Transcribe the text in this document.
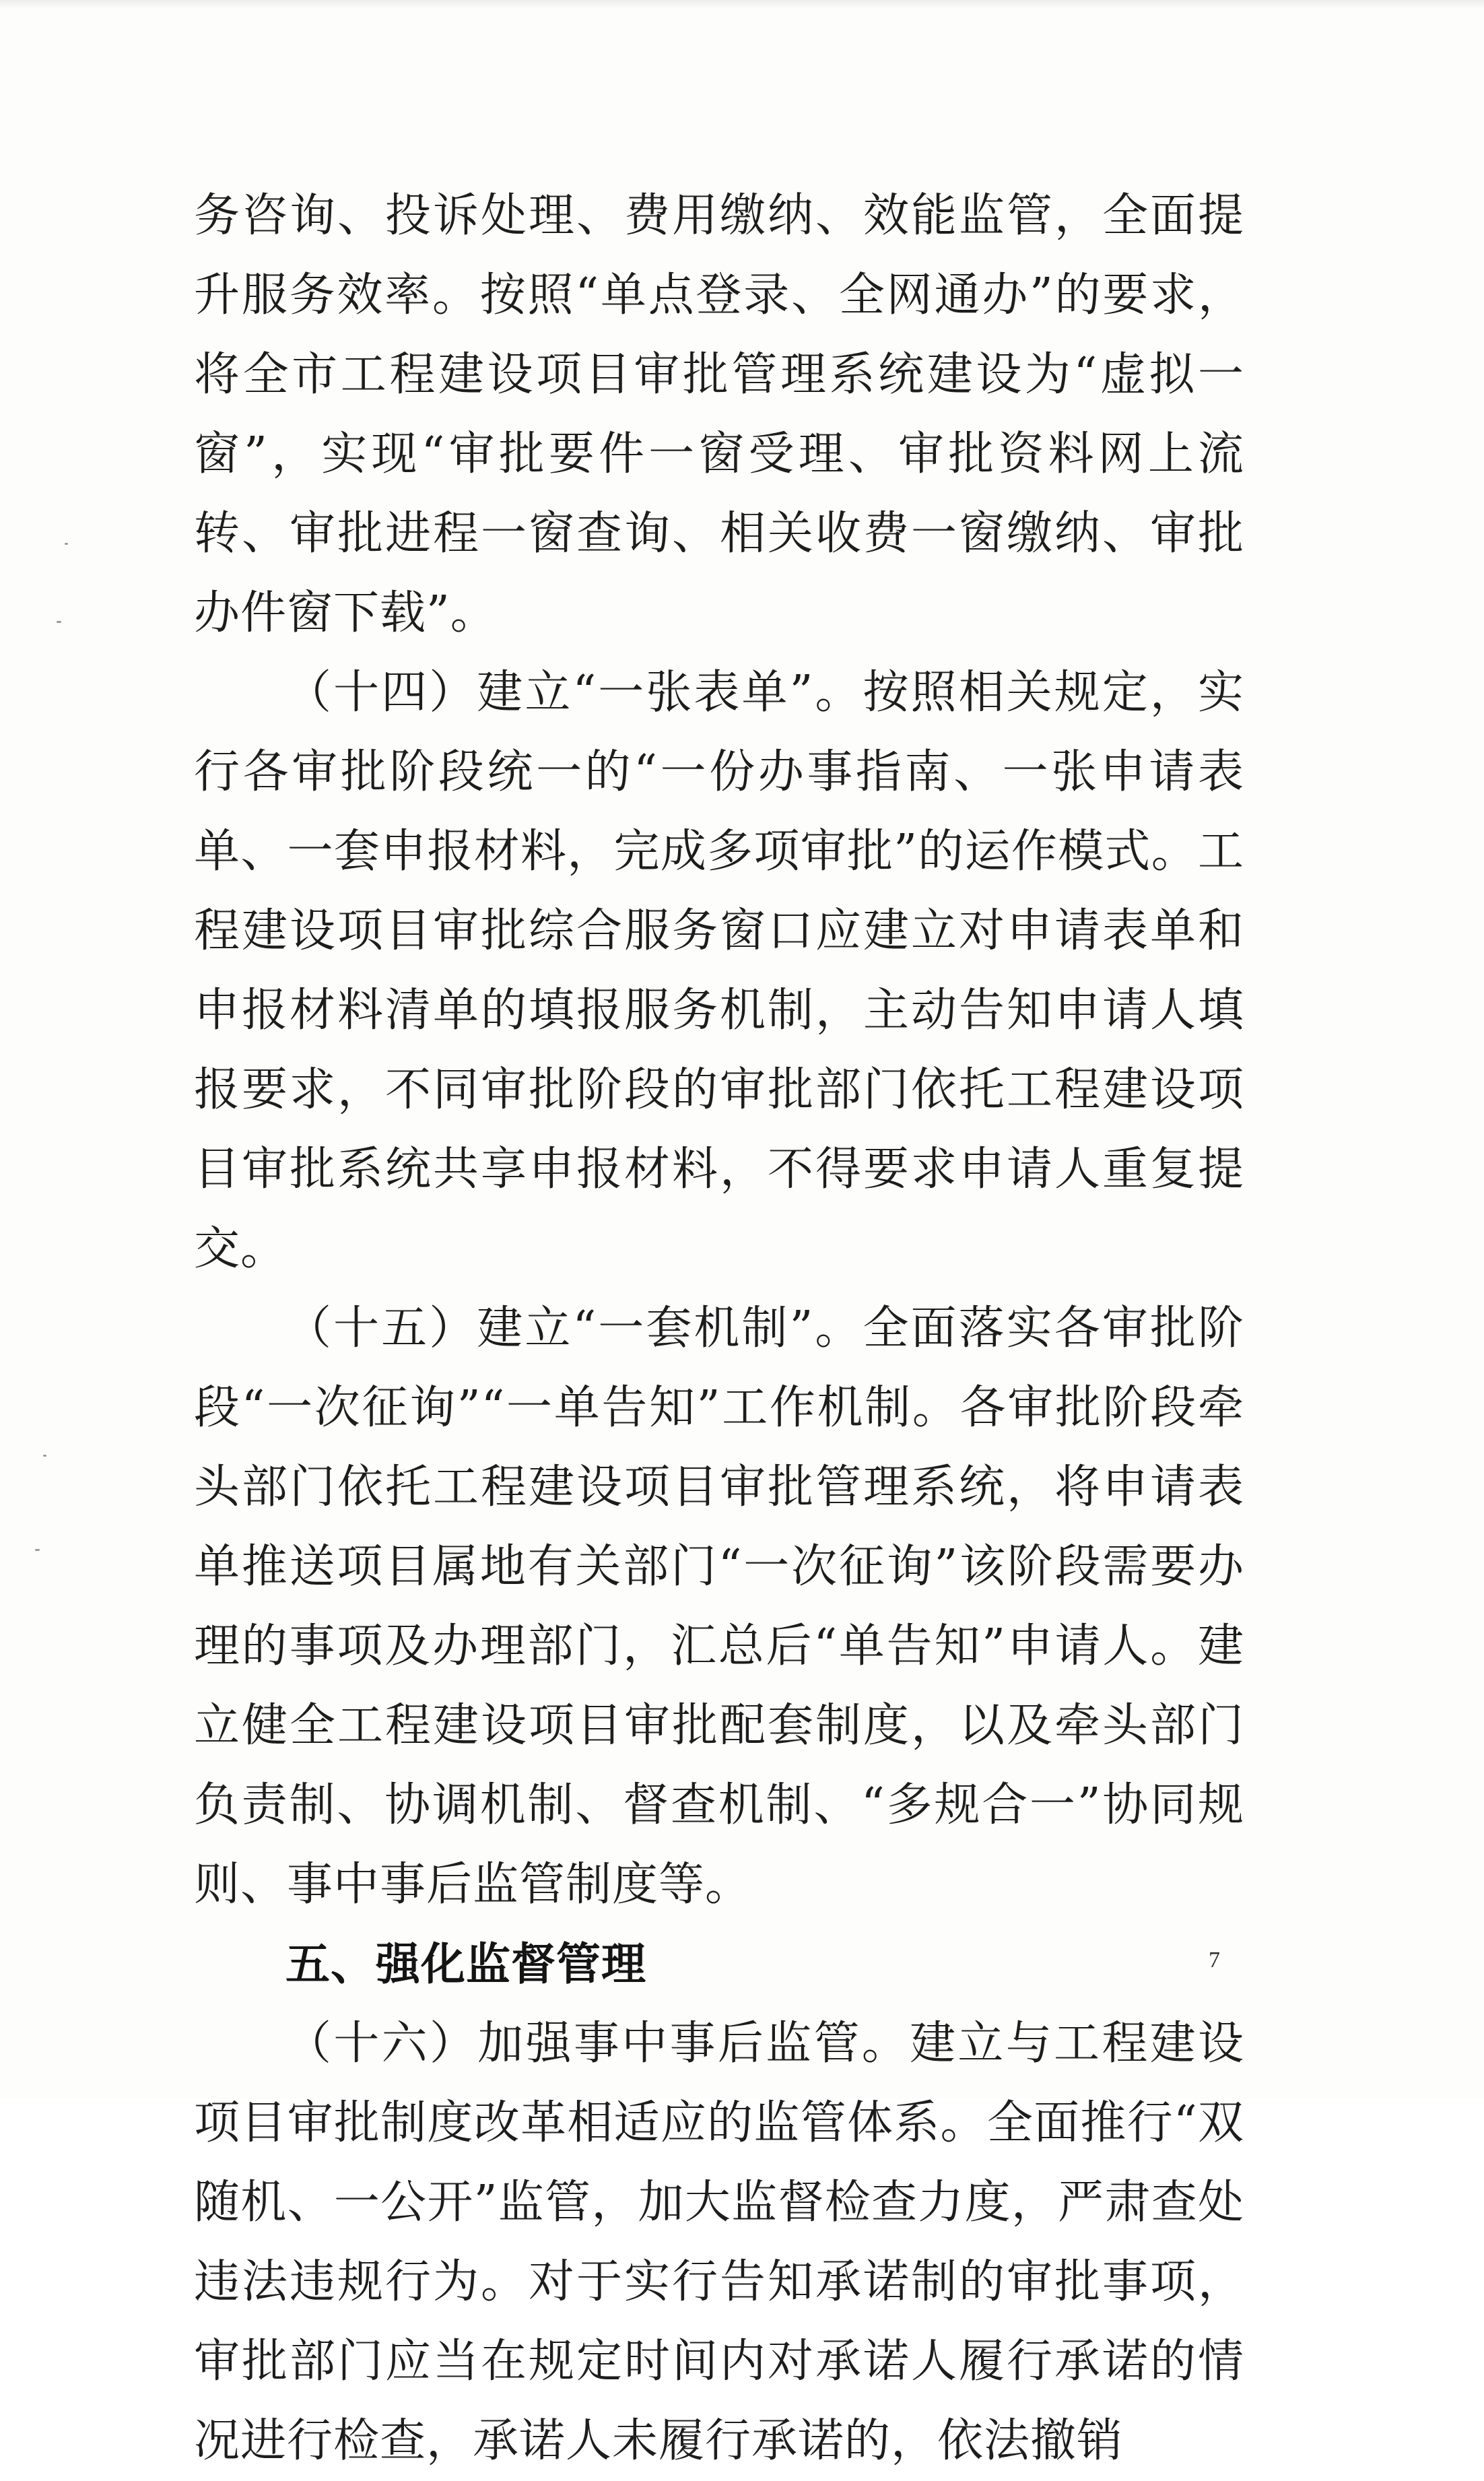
务咨询、投诉处理、费用缴纳、效能监管，全面提升服务效率。按照“单点登录、全网通办”的要求，将全市工程建设项目审批管理系统建设为“虚拟一窗”，实现“审批要件一窗受理、审批资料网上流转、审批进程一窗查询、相关收费一窗缴纳、审批办件窗下载”。

（十四）建立“一张表单”。按照相关规定，实行各审批阶段统一的“一份办事指南、一张申请表单、一套申报材料，完成多项审批”的运作模式。工程建设项目审批综合服务窗口应建立对申请表单和申报材料清单的填报服务机制，主动告知申请人填报要求，不同审批阶段的审批部门依托工程建设项目审批系统共享申报材料，不得要求申请人重复提交。

（十五）建立“一套机制”。全面落实各审批阶段“一次征询”“一单告知”工作机制。各审批阶段牵头部门依托工程建设项目审批管理系统，将申请表单推送项目属地有关部门“一次征询”该阶段需要办理的事项及办理部门，汇总后“单告知”申请人。建立健全工程建设项目审批配套制度，以及牵头部门负责制、协调机制、督查机制、“多规合一”协同规则、事中事后监管制度等。

五、强化监督管理

（十六）加强事中事后监管。建立与工程建设项目审批制度改革相适应的监管体系。全面推行“双随机、一公开”监管，加大监督检查力度，严肃查处违法违规行为。对于实行告知承诺制的审批事项，审批部门应当在规定时间内对承诺人履行承诺的情况进行检查，承诺人未履行承诺的，依法撤销

7
